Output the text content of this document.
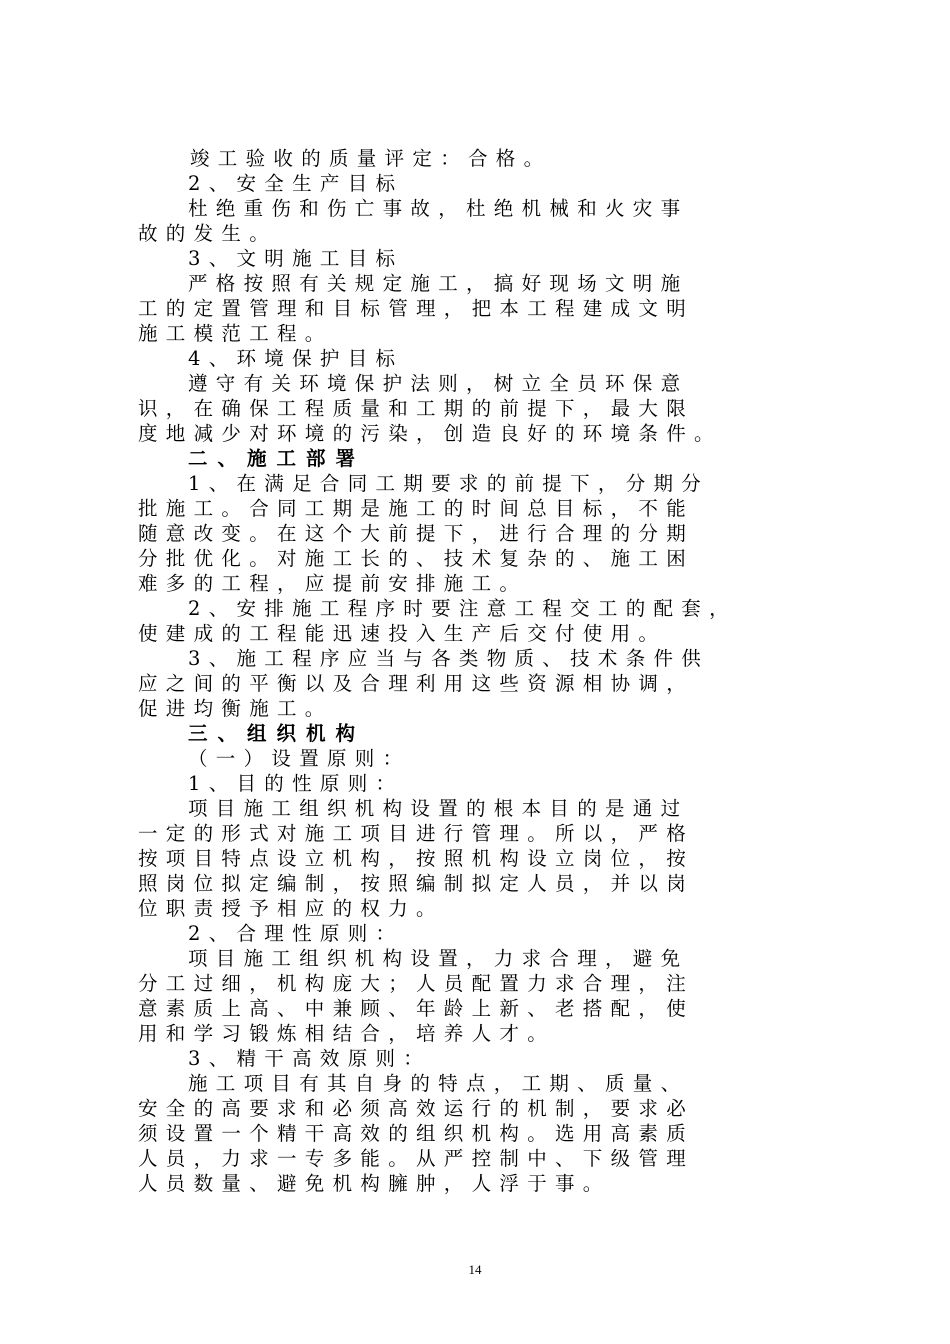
竣工验收的质量评定：合格。
2、安全生产目标
杜绝重伤和伤亡事故，杜绝机械和火灾事
故的发生。
3、文明施工目标
严格按照有关规定施工，搞好现场文明施
工的定置管理和目标管理，把本工程建成文明
施工模范工程。
4、环境保护目标
遵守有关环境保护法则，树立全员环保意
识，在确保工程质量和工期的前提下，最大限
度地减少对环境的污染，创造良好的环境条件。
二、施工部署
1、在满足合同工期要求的前提下，分期分
批施工。合同工期是施工的时间总目标，不能
随意改变。在这个大前提下，进行合理的分期
分批优化。对施工长的、技术复杂的、施工困
难多的工程，应提前安排施工。
2、安排施工程序时要注意工程交工的配套，
使建成的工程能迅速投入生产后交付使用。
3、施工程序应当与各类物质、技术条件供
应之间的平衡以及合理利用这些资源相协调，
促进均衡施工。
三、组织机构
（一）设置原则：
1、目的性原则：
项目施工组织机构设置的根本目的是通过
一定的形式对施工项目进行管理。所以，严格
按项目特点设立机构，按照机构设立岗位，按
照岗位拟定编制，按照编制拟定人员，并以岗
位职责授予相应的权力。
2、合理性原则：
项目施工组织机构设置，力求合理，避免
分工过细，机构庞大；人员配置力求合理，注
意素质上高、中兼顾、年龄上新、老搭配，使
用和学习锻炼相结合，培养人才。
3、精干高效原则：
施工项目有其自身的特点，工期、质量、
安全的高要求和必须高效运行的机制，要求必
须设置一个精干高效的组织机构。选用高素质
人员，力求一专多能。从严控制中、下级管理
人员数量、避免机构臃肿，人浮于事。
14
